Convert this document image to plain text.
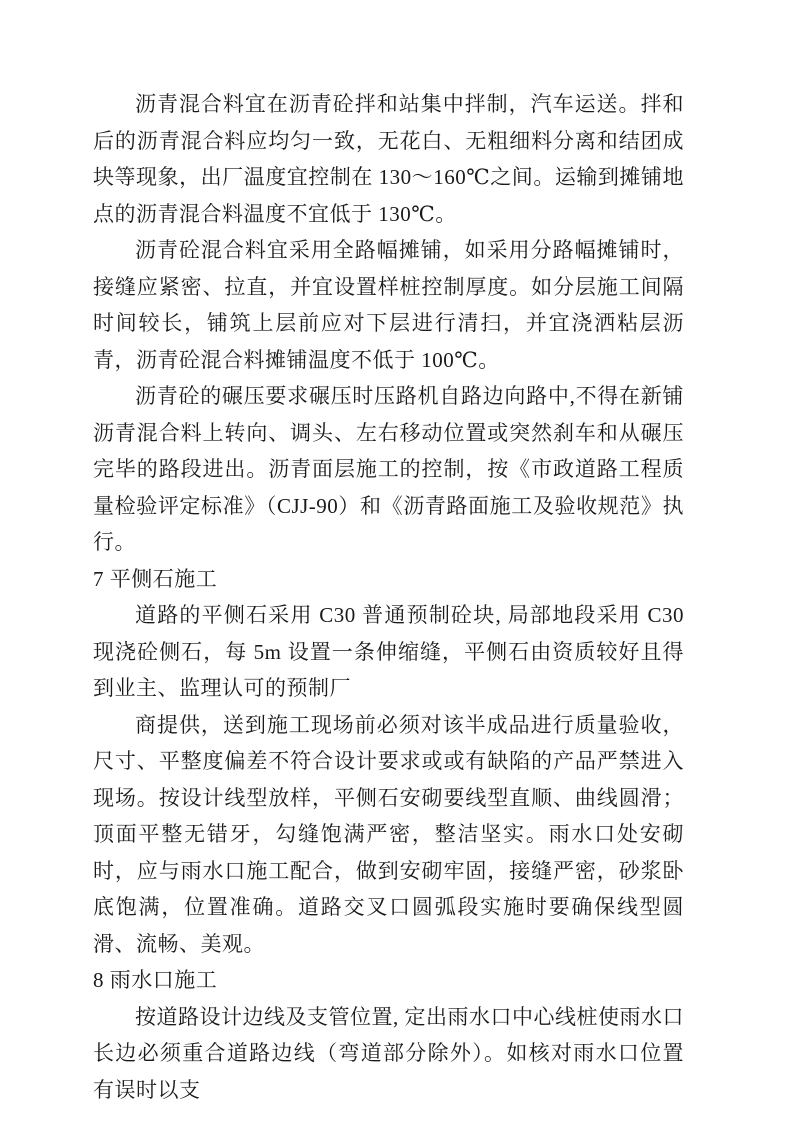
沥青混合料宜在沥青砼拌和站集中拌制，汽车运送。拌和后的沥青混合料应均匀一致，无花白、无粗细料分离和结团成块等现象，出厂温度宜控制在 130～160℃之间。运输到摊铺地点的沥青混合料温度不宜低于 130℃。

沥青砼混合料宜采用全路幅摊铺，如采用分路幅摊铺时，接缝应紧密、拉直，并宜设置样桩控制厚度。如分层施工间隔时间较长，铺筑上层前应对下层进行清扫，并宜浇洒粘层沥青，沥青砼混合料摊铺温度不低于 100℃。

沥青砼的碾压要求碾压时压路机自路边向路中,不得在新铺沥青混合料上转向、调头、左右移动位置或突然刹车和从碾压完毕的路段进出。沥青面层施工的控制，按《市政道路工程质量检验评定标准》（CJJ-90）和《沥青路面施工及验收规范》执行。

7 平侧石施工

道路的平侧石采用 C30 普通预制砼块, 局部地段采用 C30 现浇砼侧石，每 5m 设置一条伸缩缝，平侧石由资质较好且得到业主、监理认可的预制厂

商提供，送到施工现场前必须对该半成品进行质量验收，尺寸、平整度偏差不符合设计要求或或有缺陷的产品严禁进入现场。按设计线型放样，平侧石安砌要线型直顺、曲线圆滑；顶面平整无错牙，勾缝饱满严密，整洁坚实。雨水口处安砌时，应与雨水口施工配合，做到安砌牢固，接缝严密，砂浆卧底饱满，位置准确。道路交叉口圆弧段实施时要确保线型圆滑、流畅、美观。

8 雨水口施工

按道路设计边线及支管位置, 定出雨水口中心线桩使雨水口长边必须重合道路边线（弯道部分除外）。如核对雨水口位置有误时以支
